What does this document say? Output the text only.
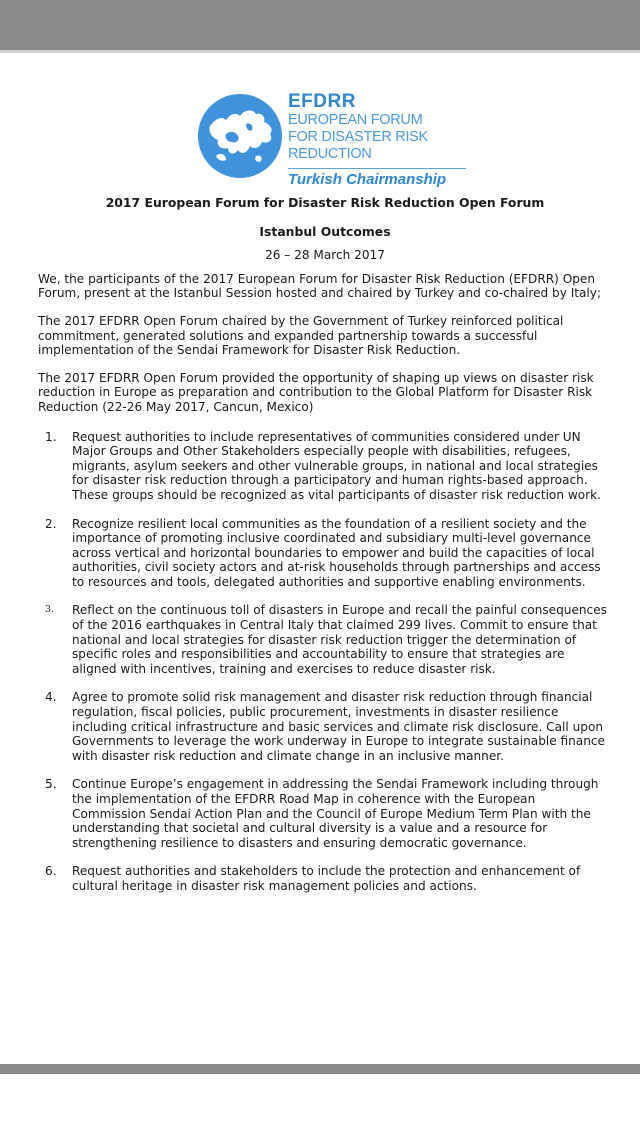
EFDRR
EUROPEAN FORUM
FOR DISASTER RISK REDUCTION
Turkish Chairmanship

2017 European Forum for Disaster Risk Reduction Open Forum

Istanbul Outcomes

26 – 28 March 2017

We, the participants of the 2017 European Forum for Disaster Risk Reduction (EFDRR) Open Forum, present at the Istanbul Session hosted and chaired by Turkey and co-chaired by Italy;

The 2017 EFDRR Open Forum chaired by the Government of Turkey reinforced political commitment, generated solutions and expanded partnership towards a successful implementation of the Sendai Framework for Disaster Risk Reduction.

The 2017 EFDRR Open Forum provided the opportunity of shaping up views on disaster risk reduction in Europe as preparation and contribution to the Global Platform for Disaster Risk Reduction (22-26 May 2017, Cancun, Mexico)

1. Request authorities to include representatives of communities considered under UN Major Groups and Other Stakeholders especially people with disabilities, refugees, migrants, asylum seekers and other vulnerable groups, in national and local strategies for disaster risk reduction through a participatory and human rights-based approach. These groups should be recognized as vital participants of disaster risk reduction work.
2. Recognize resilient local communities as the foundation of a resilient society and the importance of promoting inclusive coordinated and subsidiary multi-level governance across vertical and horizontal boundaries to empower and build the capacities of local authorities, civil society actors and at-risk households through partnerships and access to resources and tools, delegated authorities and supportive enabling environments.
3. Reflect on the continuous toll of disasters in Europe and recall the painful consequences of the 2016 earthquakes in Central Italy that claimed 299 lives. Commit to ensure that national and local strategies for disaster risk reduction trigger the determination of specific roles and responsibilities and accountability to ensure that strategies are aligned with incentives, training and exercises to reduce disaster risk.
4. Agree to promote solid risk management and disaster risk reduction through financial regulation, fiscal policies, public procurement, investments in disaster resilience including critical infrastructure and basic services and climate risk disclosure. Call upon Governments to leverage the work underway in Europe to integrate sustainable finance with disaster risk reduction and climate change in an inclusive manner.
5. Continue Europe’s engagement in addressing the Sendai Framework including through the implementation of the EFDRR Road Map in coherence with the European Commission Sendai Action Plan and the Council of Europe Medium Term Plan with the understanding that societal and cultural diversity is a value and a resource for strengthening resilience to disasters and ensuring democratic governance.
6. Request authorities and stakeholders to include the protection and enhancement of cultural heritage in disaster risk management policies and actions.
